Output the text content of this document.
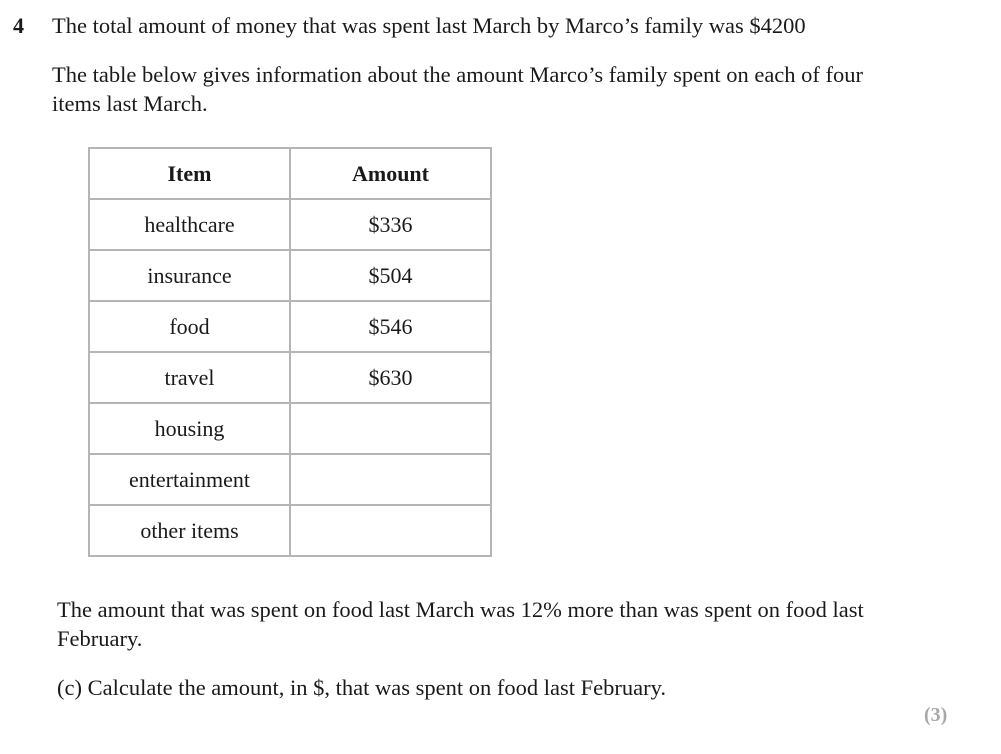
4 The total amount of money that was spent last March by Marco’s family was $4200
The table below gives information about the amount Marco’s family spent on each of four items last March.
Item	Amount
healthcare	$336
insurance	$504
food	$546
travel	$630
housing	
entertainment	
other items	
The amount that was spent on food last March was 12% more than was spent on food last February.
(c) Calculate the amount, in $, that was spent on food last February.
(3)
